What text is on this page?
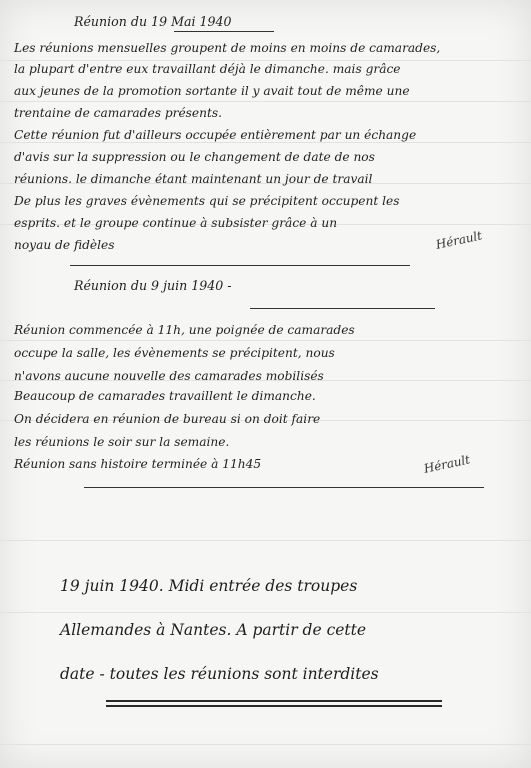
Réunion du 19 Mai 1940
Les réunions mensuelles groupent de moins en moins de camarades,
la plupart d'entre eux travaillant déjà le dimanche. mais grâce
aux jeunes de la promotion sortante il y avait tout de même une
trentaine de camarades présents.
Cette réunion fut d'ailleurs occupée entièrement par un échange
d'avis sur la suppression ou le changement de date de nos
réunions. le dimanche étant maintenant un jour de travail
De plus les graves évènements qui se précipitent occupent les
esprits. et le groupe continue à subsister grâce à un
noyau de fidèles	Hérault
Réunion du 9 juin 1940 -
Réunion commencée à 11h, une poignée de camarades
occupe la salle, les évènements se précipitent, nous
n'avons aucune nouvelle des camarades mobilisés
Beaucoup de camarades travaillent le dimanche.
On décidera en réunion de bureau si on doit faire
les réunions le soir sur la semaine.
Réunion sans histoire terminée à 11h45	Hérault
19 juin 1940. Midi entrée des troupes
Allemandes à Nantes. A partir de cette
date - toutes les réunions sont interdites
